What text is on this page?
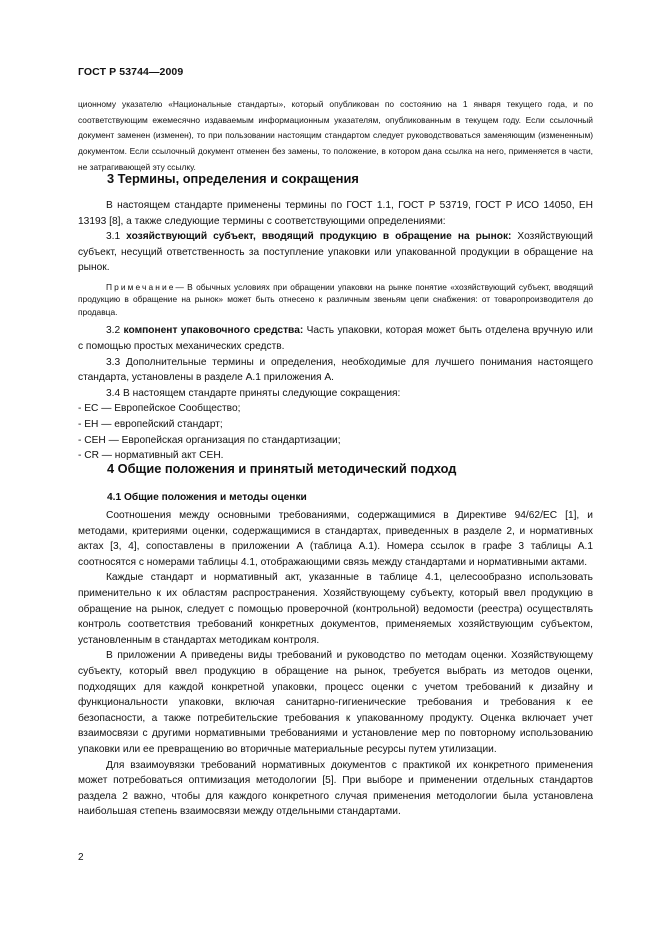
ГОСТ Р 53744—2009

ционному указателю «Национальные стандарты», который опубликован по состоянию на 1 января текущего года, и по соответствующим ежемесячно издаваемым информационным указателям, опубликованным в текущем году. Если ссылочный документ заменен (изменен), то при пользовании настоящим стандартом следует руководствоваться заменяющим (измененным) документом. Если ссылочный документ отменен без замены, то положение, в котором дана ссылка на него, применяется в части, не затрагивающей эту ссылку.

3 Термины, определения и сокращения

В настоящем стандарте применены термины по ГОСТ 1.1, ГОСТ Р 53719, ГОСТ Р ИСО 14050, ЕН 13193 [8], а также следующие термины с соответствующими определениями:

3.1 хозяйствующий субъект, вводящий продукцию в обращение на рынок: Хозяйствующий субъект, несущий ответственность за поступление упаковки или упакованной продукции в обращение на рынок.

Примечание— В обычных условиях при обращении упаковки на рынке понятие «хозяйствующий субъект, вводящий продукцию в обращение на рынок» может быть отнесено к различным звеньям цепи снабжения: от товаропроизводителя до продавца.

3.2 компонент упаковочного средства: Часть упаковки, которая может быть отделена вручную или с помощью простых механических средств.

3.3 Дополнительные термины и определения, необходимые для лучшего понимания настоящего стандарта, установлены в разделе А.1 приложения А.

3.4 В настоящем стандарте приняты следующие сокращения:

- ЕС — Европейское Сообщество;

- ЕН — европейский стандарт;

- СЕН — Европейская организация по стандартизации;

- CR — нормативный акт СЕН.

4 Общие положения и принятый методический подход
4.1 Общие положения и методы оценки

Соотношения между основными требованиями, содержащимися в Директиве 94/62/ЕС [1], и методами, критериями оценки, содержащимися в стандартах, приведенных в разделе 2, и нормативных актах [3, 4], сопоставлены в приложении А (таблица А.1). Номера ссылок в графе 3 таблицы А.1 соотносятся с номерами таблицы 4.1, отображающими связь между стандартами и нормативными актами.

Каждые стандарт и нормативный акт, указанные в таблице 4.1, целесообразно использовать применительно к их областям распространения. Хозяйствующему субъекту, который ввел продукцию в обращение на рынок, следует с помощью проверочной (контрольной) ведомости (реестра) осуществлять контроль соответствия требований конкретных документов, применяемых хозяйствующим субъектом, установленным в стандартах методикам контроля.

В приложении А приведены виды требований и руководство по методам оценки. Хозяйствующему субъекту, который ввел продукцию в обращение на рынок, требуется выбрать из методов оценки, подходящих для каждой конкретной упаковки, процесс оценки с учетом требований к дизайну и функциональности упаковки, включая санитарно-гигиенические требования и требования к ее безопасности, а также потребительские требования к упакованному продукту. Оценка включает учет взаимосвязи с другими нормативными требованиями и установление мер по повторному использованию упаковки или ее превращению во вторичные материальные ресурсы путем утилизации.

Для взаимоувязки требований нормативных документов с практикой их конкретного применения может потребоваться оптимизация методологии [5]. При выборе и применении отдельных стандартов раздела 2 важно, чтобы для каждого конкретного случая применения методологии была установлена наибольшая степень взаимосвязи между отдельными стандартами.

2
